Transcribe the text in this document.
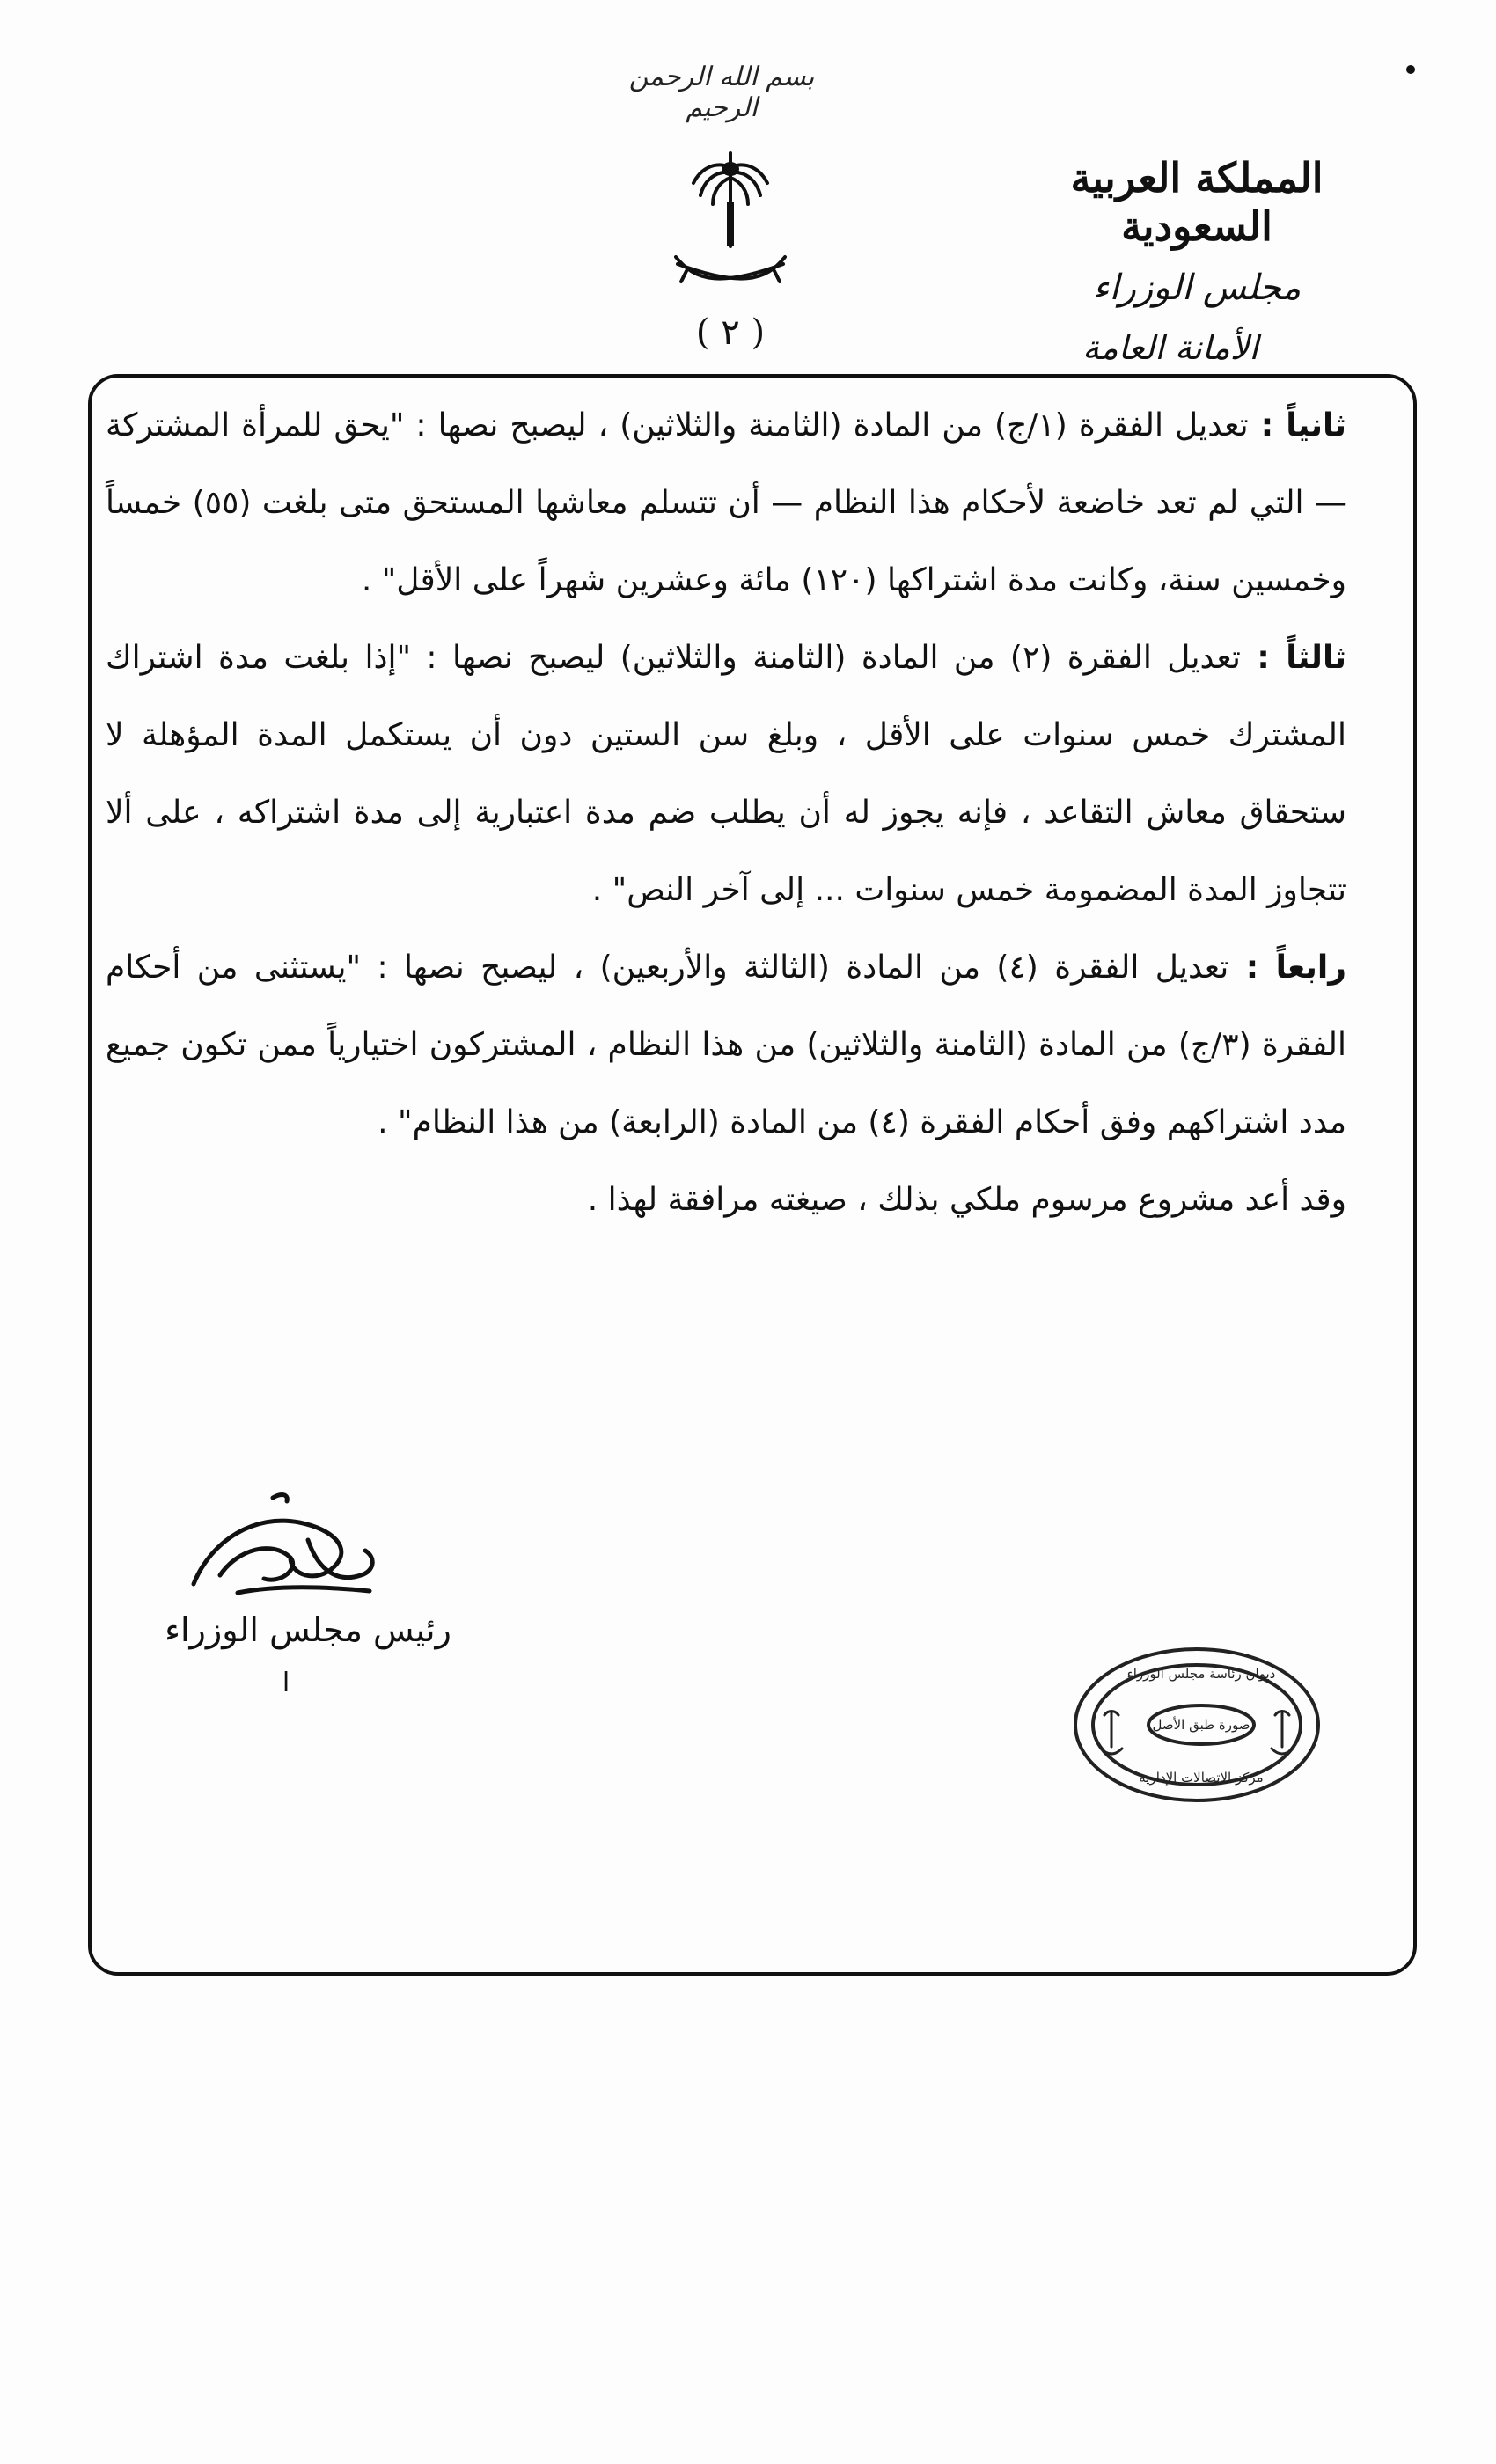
بسم الله الرحمن الرحيم
( ٢ )
المملكة العربية السعودية
مجلس الوزراء
الأمانة العامة

ثانياً : تعديل الفقرة (١/ج) من المادة (الثامنة والثلاثين) ، ليصبح نصها : "يحق للمرأة المشتركة — التي لم تعد خاضعة لأحكام هذا النظام — أن تتسلم معاشها المستحق متى بلغت (٥٥) خمساً وخمسين سنة، وكانت مدة اشتراكها (١٢٠) مائة وعشرين شهراً على الأقل" .

ثالثاً : تعديل الفقرة (٢) من المادة (الثامنة والثلاثين) ليصبح نصها : "إذا بلغت مدة اشتراك المشترك خمس سنوات على الأقل ، وبلغ سن الستين دون أن يستكمل المدة المؤهلة لا ستحقاق معاش التقاعد ، فإنه يجوز له أن يطلب ضم مدة اعتبارية إلى مدة اشتراكه ، على ألا تتجاوز المدة المضمومة خمس سنوات ... إلى آخر النص" .

رابعاً : تعديل الفقرة (٤) من المادة (الثالثة والأربعين) ، ليصبح نصها : "يستثنى من أحكام الفقرة (٣/ج) من المادة (الثامنة والثلاثين) من هذا النظام ، المشتركون اختيارياً ممن تكون جميع مدد اشتراكهم وفق أحكام الفقرة (٤) من المادة (الرابعة) من هذا النظام" .

وقد أعد مشروع مرسوم ملكي بذلك ، صيغته مرافقة لهذا .

رئيس مجلس الوزراء
ا	ديوان رئاسة مجلس الوزراء
صورة طبق الأصل
مركز الاتصالات الإدارية
